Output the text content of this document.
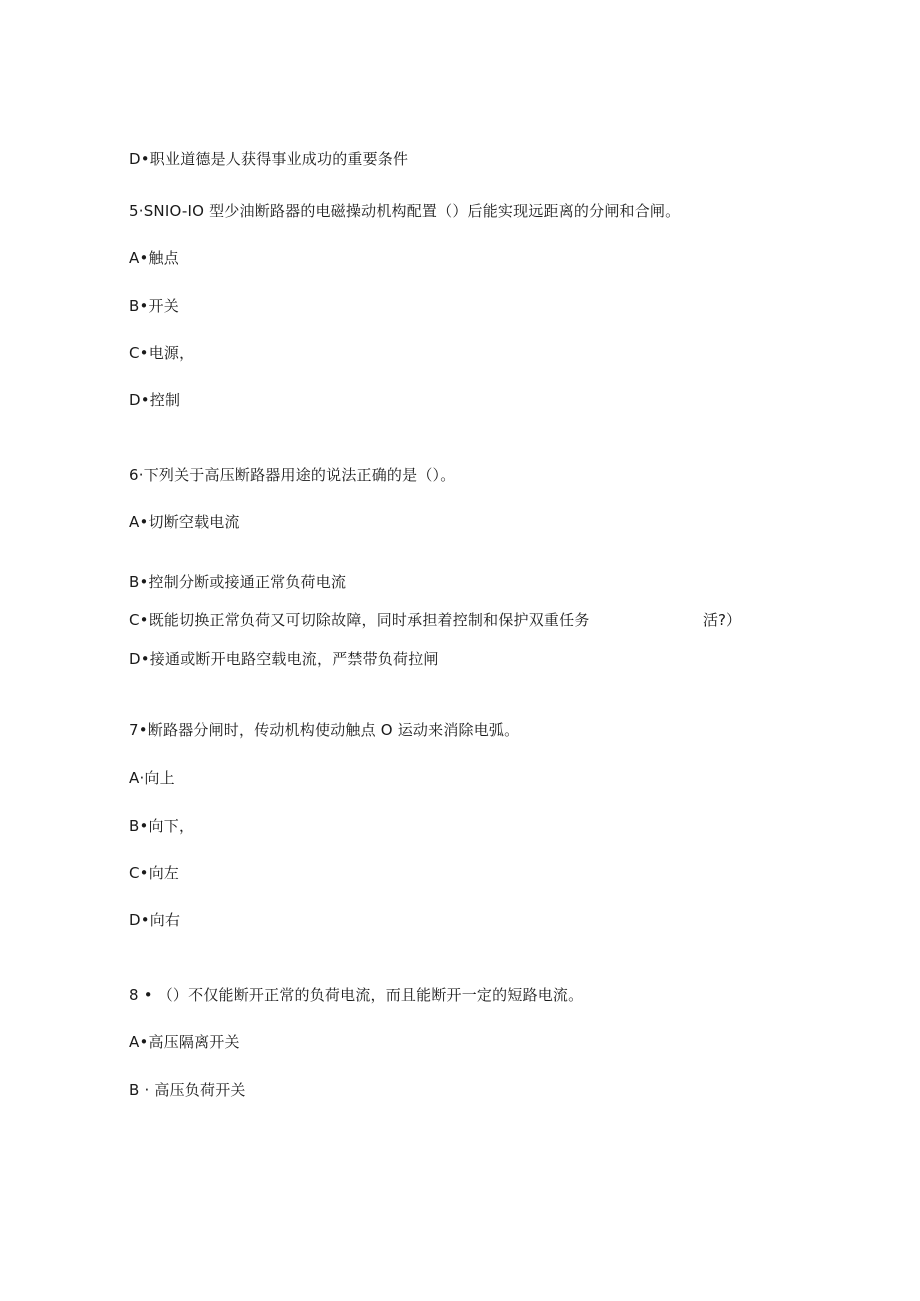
D•职业道德是人获得事业成功的重要条件
5·SNIO-IO 型少油断路器的电磁操动机构配置（）后能实现远距离的分闸和合闸。
A•触点
B•开关
C•电源，
D•控制
6·下列关于高压断路器用途的说法正确的是（）。
A•切断空载电流
B•控制分断或接通正常负荷电流
C•既能切换正常负荷又可切除故障，同时承担着控制和保护双重任务	活?）
D•接通或断开电路空载电流，严禁带负荷拉闸
7•断路器分闸时，传动机构使动触点 O 运动来消除电弧。
A·向上
B•向下，
C•向左
D•向右
8 • （）不仅能断开正常的负荷电流，而且能断开一定的短路电流。
A•高压隔离开关
B · 高压负荷开关
